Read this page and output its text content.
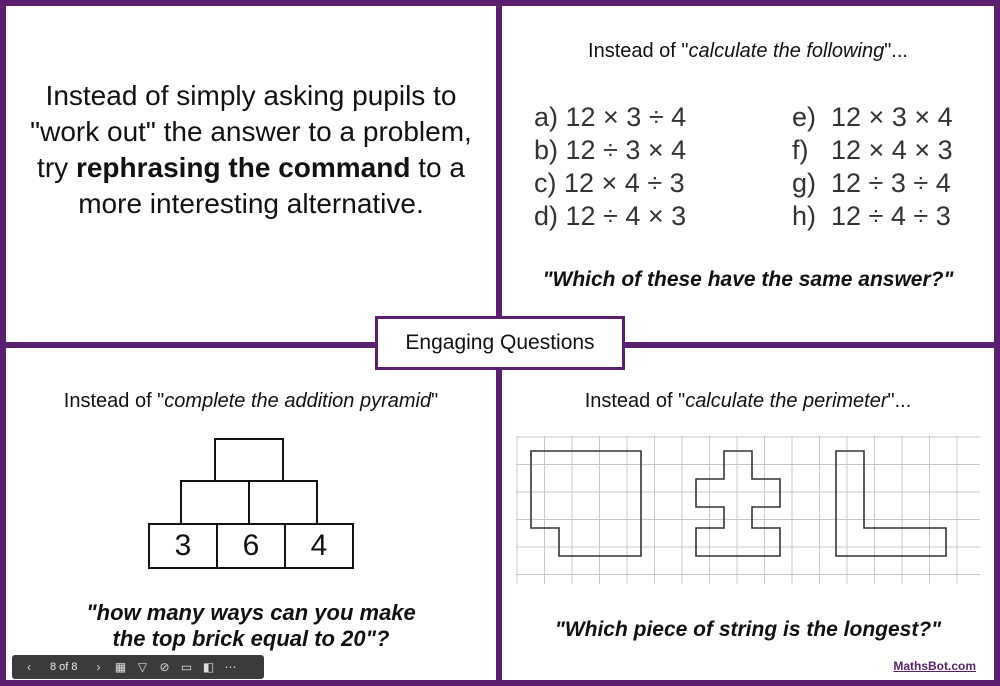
Instead of simply asking pupils to "work out" the answer to a problem, try rephrasing the command to a more interesting alternative.
Instead of "calculate the following"...
a) 12 × 3 ÷ 4
b) 12 ÷ 3 × 4
c) 12 × 4 ÷ 3
d) 12 ÷ 4 × 3
e)  12 × 3 × 4
f)   12 × 4 × 3
g)  12 ÷ 3 ÷ 4
h)  12 ÷ 4 ÷ 3
"Which of these have the same answer?"
Instead of "complete the addition pyramid"
3	6	4
"how many ways can you make
the top brick equal to 20"?
Instead of "calculate the perimeter"...
"Which piece of string is the longest?"
Engaging Questions
‹	8 of 8	›	▦ ▽	⊘ ▭ ◧ ⋯	MathsBot.com
